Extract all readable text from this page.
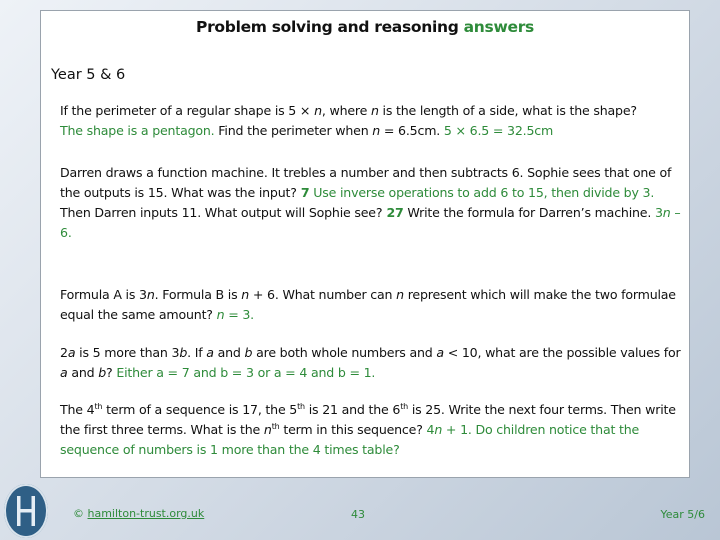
Problem solving and reasoning answers
Year 5 & 6
If the perimeter of a regular shape is 5 × n, where n is the length of a side, what is the shape?
The shape is a pentagon. Find the perimeter when n = 6.5cm. 5 × 6.5 = 32.5cm
Darren draws a function machine. It trebles a number and then subtracts 6. Sophie sees that one of the outputs is 15. What was the input? 7 Use inverse operations to add 6 to 15, then divide by 3.
Then Darren inputs 11. What output will Sophie see? 27 Write the formula for Darren’s machine. 3n – 6.
Formula A is 3n. Formula B is n + 6. What number can n represent which will make the two formulae equal the same amount? n = 3.
2a is 5 more than 3b. If a and b are both whole numbers and a < 10, what are the possible values for a and b? Either a = 7 and b = 3 or a = 4 and b = 1.
The 4th term of a sequence is 17, the 5th is 21 and the 6th is 25. Write the next four terms. Then write the first three terms. What is the $n^{th}$ term in this sequence? 4n + 1. Do children notice that the sequence of numbers is 1 more than the 4 times table?
© hamilton-trust.org.uk	43	Year 5/6
